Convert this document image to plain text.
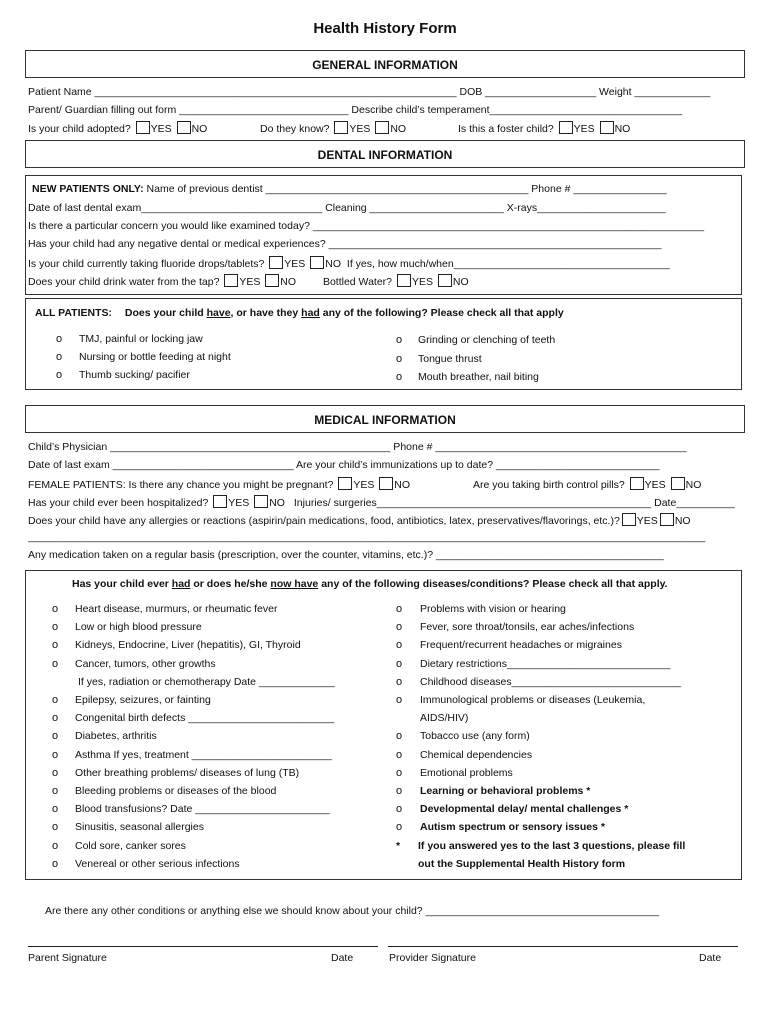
Health History Form
GENERAL INFORMATION
Patient Name ______________________________________________________________ DOB ___________________ Weight _____________
Parent/ Guardian filling out form _____________________________ Describe child’s temperament_________________________________
Is your child adopted? YES NO	Do they know? YES NO	Is this a foster child? YES NO
DENTAL INFORMATION
NEW PATIENTS ONLY: Name of previous dentist _____________________________________________ Phone # ________________
Date of last dental exam_______________________________ Cleaning _______________________ X-rays______________________
Is there a particular concern you would like examined today? ___________________________________________________________________
Has your child had any negative dental or medical experiences? _________________________________________________________
Is your child currently taking fluoride drops/tablets? YES NO If yes, how much/when_____________________________________
Does your child drink water from the tap? YES NO	Bottled Water? YES NO
ALL PATIENTS: Does your child have, or have they had any of the following? Please check all that apply
o TMJ, painful or locking jaw
o Nursing or bottle feeding at night
o Thumb sucking/ pacifier
o Grinding or clenching of teeth
o Tongue thrust
o Mouth breather, nail biting
MEDICAL INFORMATION
Child’s Physician ________________________________________________ Phone # ___________________________________________
Date of last exam _______________________________ Are your child’s immunizations up to date? ____________________________
FEMALE PATIENTS: Is there any chance you might be pregnant? YES NO	Are you taking birth control pills? YES NO
Has your child ever been hospitalized? YES NO Injuries/ surgeries_______________________________________________ Date__________
Does your child have any allergies or reactions (aspirin/pain medications, food, antibiotics, latex, preservatives/flavorings, etc.)? YES NO
____________________________________________________________________________________________________________________
Any medication taken on a regular basis (prescription, over the counter, vitamins, etc.)? _______________________________________
Has your child ever had or does he/she now have any of the following diseases/conditions? Please check all that apply.
o Heart disease, murmurs, or rheumatic fever
o Low or high blood pressure
o Kidneys, Endocrine, Liver (hepatitis), GI, Thyroid
o Cancer, tumors, other growths
o Epilepsy, seizures, or fainting
o Congenital birth defects _________________________
o Diabetes, arthritis
o Asthma If yes, treatment ________________________
o Other breathing problems/ diseases of lung (TB)
o Bleeding problems or diseases of the blood
o Blood transfusions? Date _______________________
o Sinusitis, seasonal allergies
o Cold sore, canker sores
o Venereal or other serious infections
If yes, radiation or chemotherapy Date _____________
o Problems with vision or hearing
o Fever, sore throat/tonsils, ear aches/infections
o Frequent/recurrent headaches or migraines
o Dietary restrictions____________________________
o Childhood diseases_____________________________
o Immunological problems or diseases (Leukemia,
o Tobacco use (any form)
o Chemical dependencies
o Emotional problems
o Learning or behavioral problems *
o Developmental delay/ mental challenges *
o Autism spectrum or sensory issues *
AIDS/HIV)
* If you answered yes to the last 3 questions, please fill
out the Supplemental Health History form
Are there any other conditions or anything else we should know about your child? ________________________________________
Parent Signature	Date	Provider Signature	Date
